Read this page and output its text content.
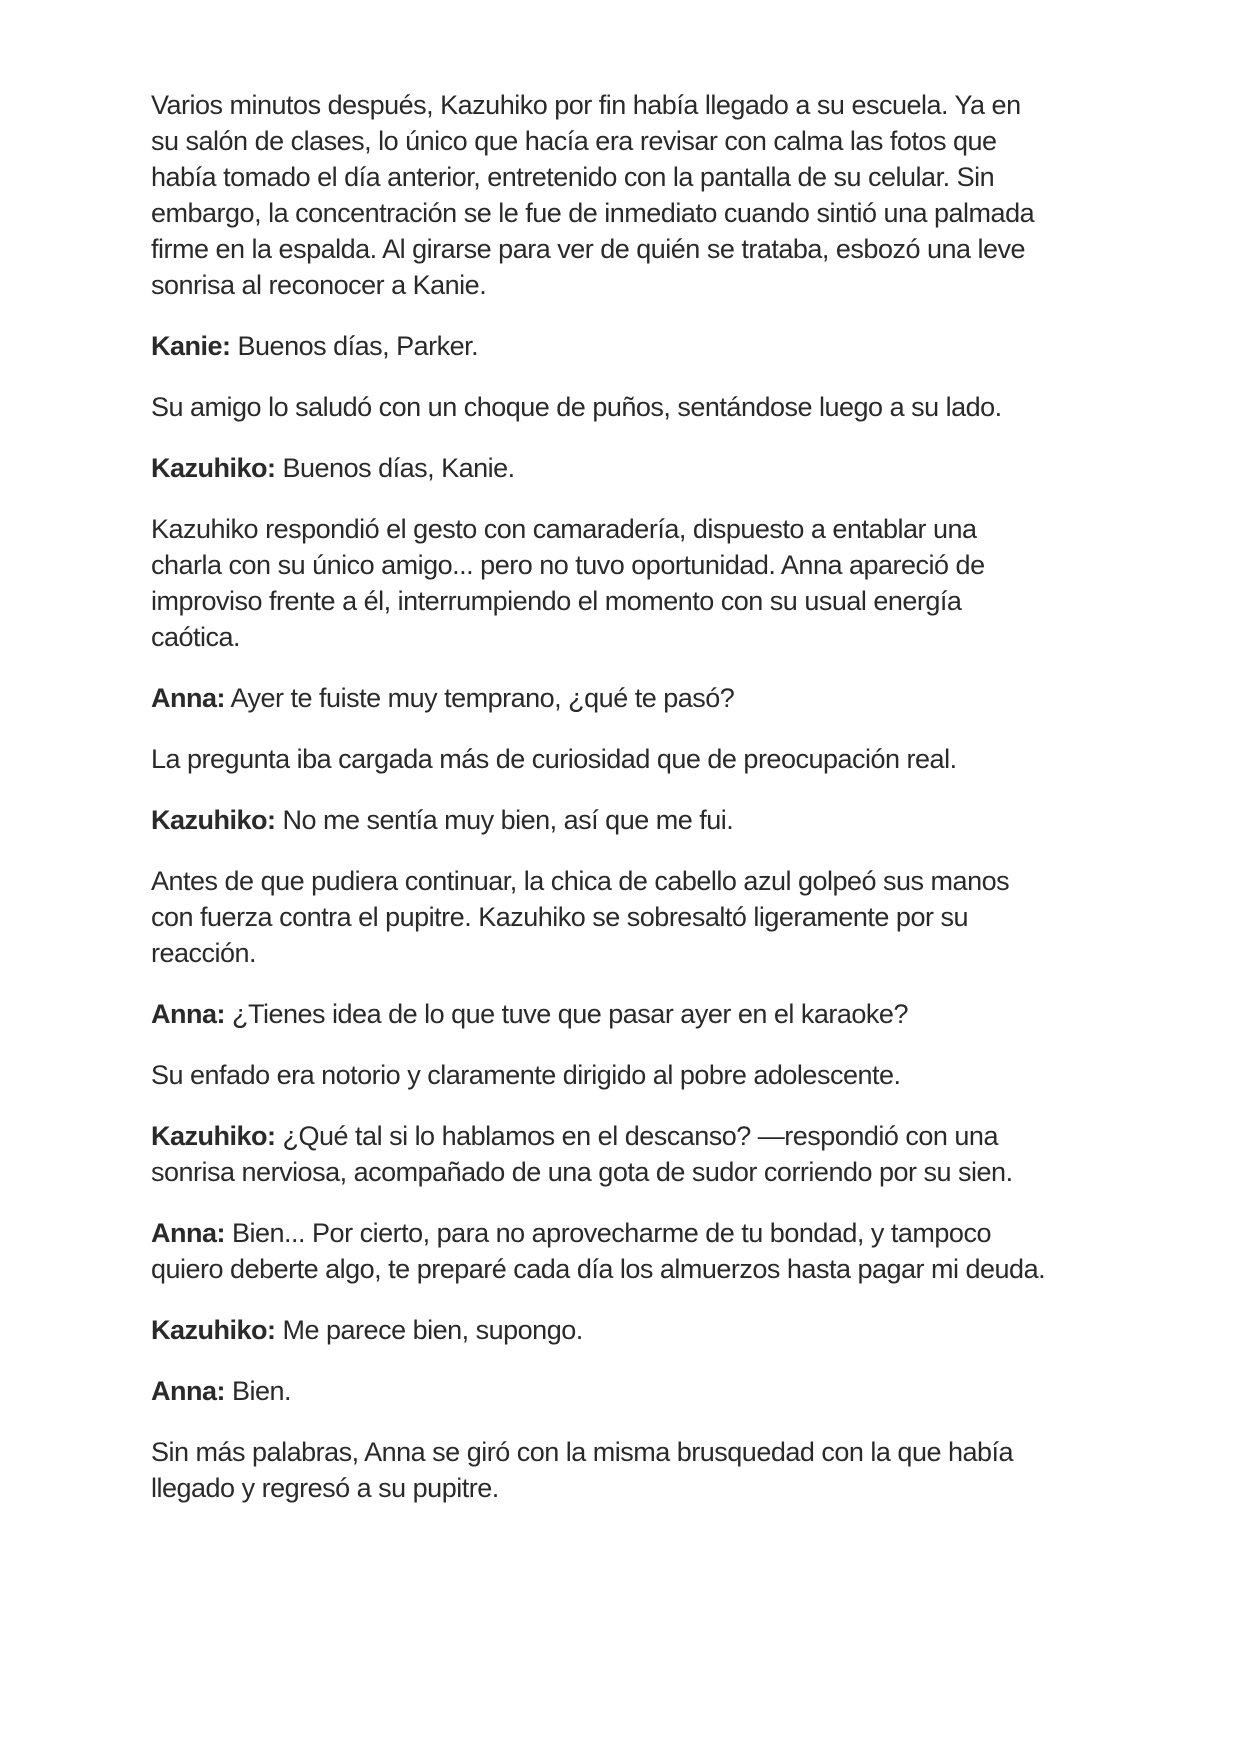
Varios minutos después, Kazuhiko por fin había llegado a su escuela. Ya en
su salón de clases, lo único que hacía era revisar con calma las fotos que
había tomado el día anterior, entretenido con la pantalla de su celular. Sin
embargo, la concentración se le fue de inmediato cuando sintió una palmada
firme en la espalda. Al girarse para ver de quién se trataba, esbozó una leve
sonrisa al reconocer a Kanie.
Kanie: Buenos días, Parker.
Su amigo lo saludó con un choque de puños, sentándose luego a su lado.
Kazuhiko: Buenos días, Kanie.
Kazuhiko respondió el gesto con camaradería, dispuesto a entablar una
charla con su único amigo... pero no tuvo oportunidad. Anna apareció de
improviso frente a él, interrumpiendo el momento con su usual energía
caótica.
Anna: Ayer te fuiste muy temprano, ¿qué te pasó?
La pregunta iba cargada más de curiosidad que de preocupación real.
Kazuhiko: No me sentía muy bien, así que me fui.
Antes de que pudiera continuar, la chica de cabello azul golpeó sus manos
con fuerza contra el pupitre. Kazuhiko se sobresaltó ligeramente por su
reacción.
Anna: ¿Tienes idea de lo que tuve que pasar ayer en el karaoke?
Su enfado era notorio y claramente dirigido al pobre adolescente.
Kazuhiko: ¿Qué tal si lo hablamos en el descanso? —respondió con una
sonrisa nerviosa, acompañado de una gota de sudor corriendo por su sien.
Anna: Bien... Por cierto, para no aprovecharme de tu bondad, y tampoco
quiero deberte algo, te preparé cada día los almuerzos hasta pagar mi deuda.
Kazuhiko: Me parece bien, supongo.
Anna: Bien.
Sin más palabras, Anna se giró con la misma brusquedad con la que había
llegado y regresó a su pupitre.
